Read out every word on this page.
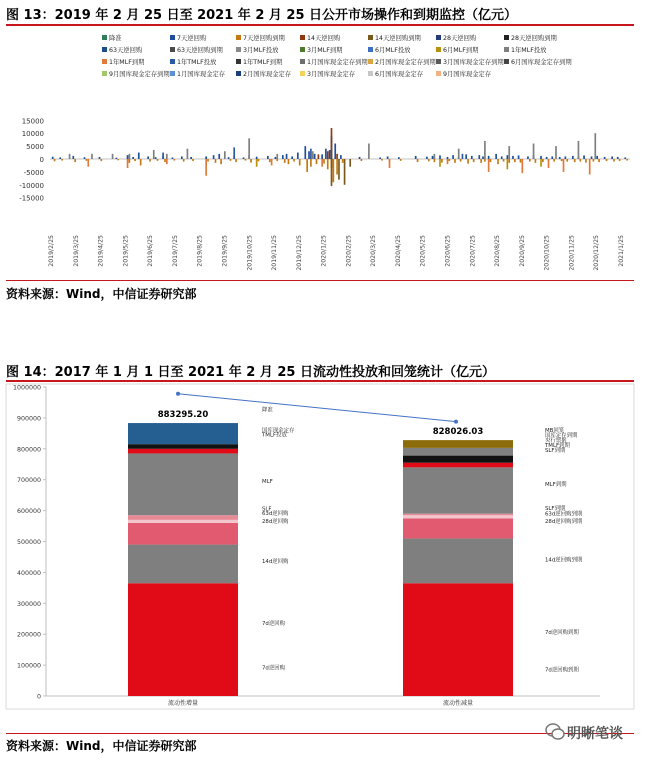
图 13：2019 年 2 月 25 日至 2021 年 2 月 25 日公开市场操作和到期监控（亿元）
降准	7天逆回购	7天逆回购到期	14天逆回购	14天逆回购到期	28天逆回购	28天逆回购到期
63天逆回购	63天逆回购到期	3月MLF投放	3月MLF到期	6月MLF投放	6月MLF到期	1年MLF投放
1年MLF到期	1年TMLF投放	1年TMLF到期	1月国库现金定存到期 2月国库现金定存到期 3月国库现金定存到期 6月国库现金定存到期
9月国库现金定存到期 1月国库现金定存	2月国库现金定存	3月国库现金定存	6月国库现金定存	9月国库现金定存
-15000
-10000
-5000
0
5000
10000
15000
2019/2/25	2019/3/25	2019/4/25	2019/5/25	2019/6/25	2019/7/25	2019/8/25	2019/9/25	2019/10/25	2019/11/25	2019/12/25	2020/1/25	2020/2/25	2020/3/25	2020/4/25	2020/5/25	2020/6/25	2020/7/25	2020/8/25	2020/9/25	2020/10/25	2020/11/25	2020/12/25	2021/1/25
资料来源：Wind，中信证券研究部
图 14：2017 年 1 月 1 日至 2021 年 2 月 25 日流动性投放和回笼统计（亿元）
0
100000
200000
300000
400000
500000
600000
700000
800000
900000
1000000
流动性增量
883295.20
流动性减量
828026.03
降准
国库现金定存
TMLF投放
MLF
SLF
63d逆回购
28d逆回购
14d逆回购
7d逆回购
7d逆回购
MB回笼
国库定存到期
央行票据
TMLF到期
SLF到期
MLF到期
SLF到期
63d逆回购到期
28d逆回购到期
14d逆回购到期
7d逆回购到期
7d逆回购到期
资料来源：Wind，中信证券研究部
明晰笔谈
